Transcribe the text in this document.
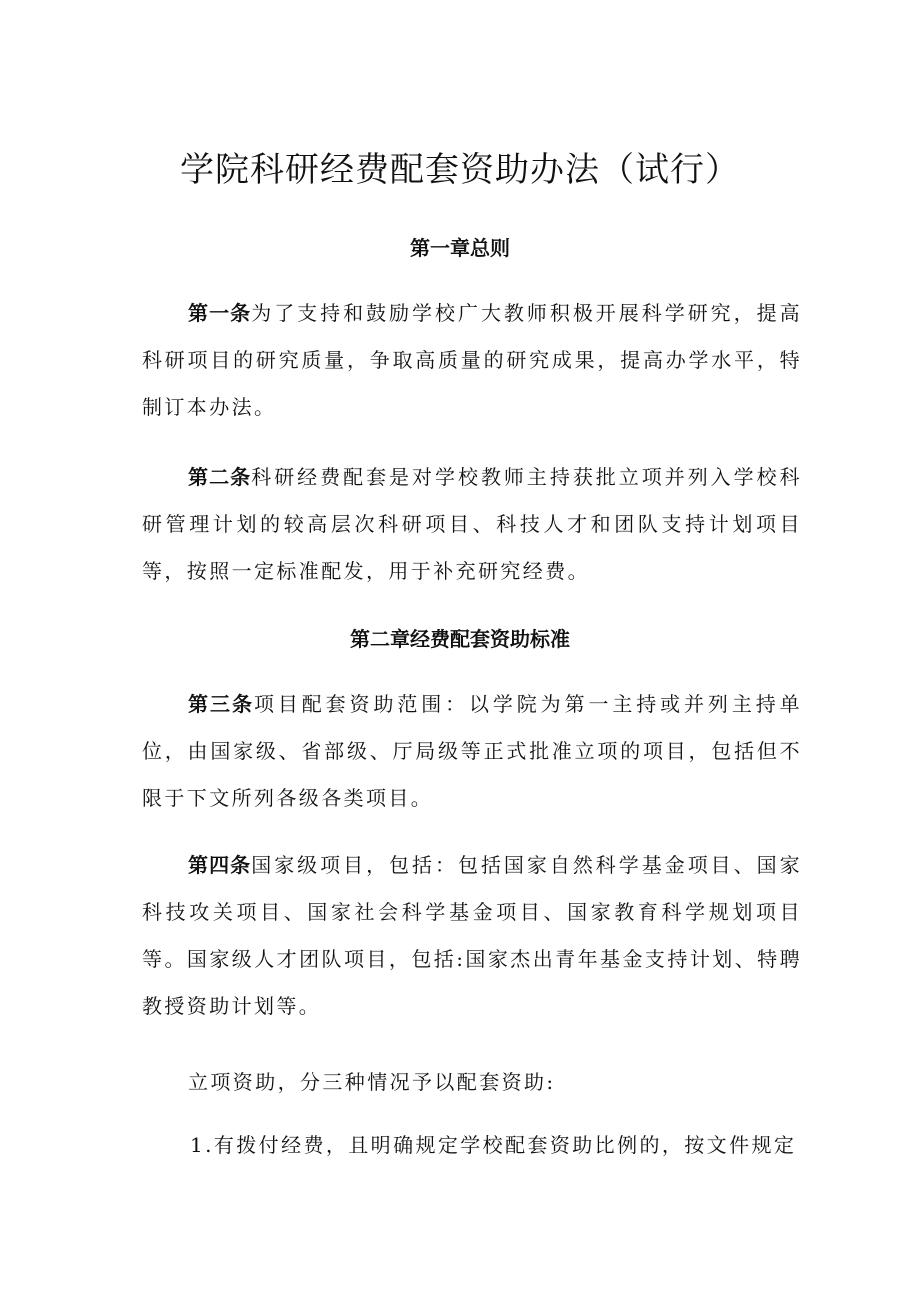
学院科研经费配套资助办法（试行）
第一章总则

第一条为了支持和鼓励学校广大教师积极开展科学研究，提高科研项目的研究质量，争取高质量的研究成果，提高办学水平，特制订本办法。

第二条科研经费配套是对学校教师主持获批立项并列入学校科研管理计划的较高层次科研项目、科技人才和团队支持计划项目等，按照一定标准配发，用于补充研究经费。

第二章经费配套资助标准

第三条项目配套资助范围：以学院为第一主持或并列主持单位，由国家级、省部级、厅局级等正式批准立项的项目，包括但不限于下文所列各级各类项目。

第四条国家级项目，包括：包括国家自然科学基金项目、国家科技攻关项目、国家社会科学基金项目、国家教育科学规划项目等。国家级人才团队项目，包括:国家杰出青年基金支持计划、特聘教授资助计划等。

立项资助，分三种情况予以配套资助:

1.有拨付经费，且明确规定学校配套资助比例的，按文件规定
